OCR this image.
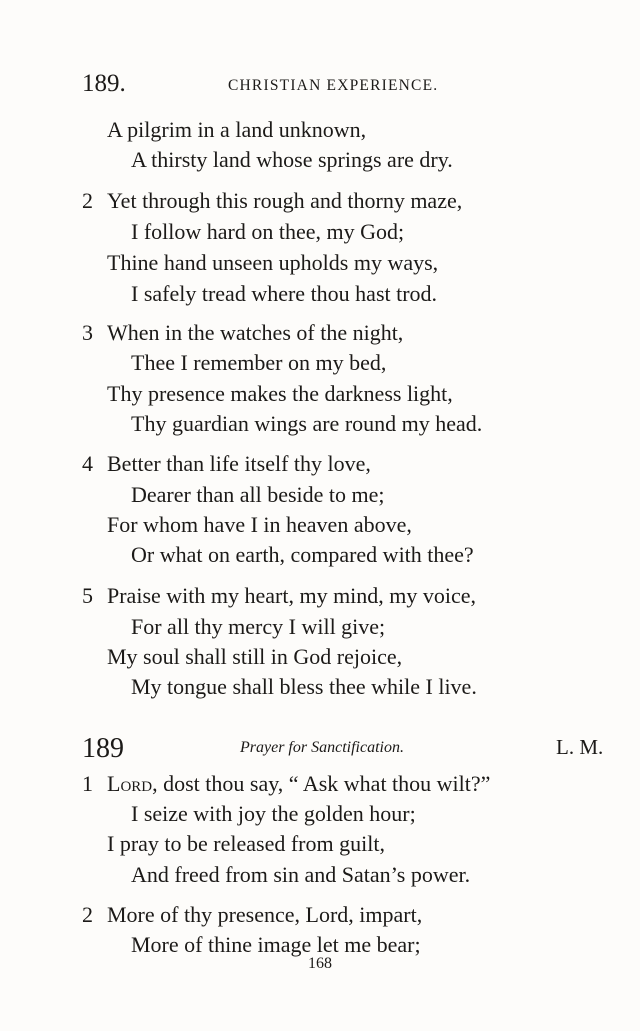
189.	CHRISTIAN EXPERIENCE.
A pilgrim in a land unknown,
A thirsty land whose springs are dry.
2 Yet through this rough and thorny maze,
I follow hard on thee, my God;
Thine hand unseen upholds my ways,
I safely tread where thou hast trod.
3 When in the watches of the night,
Thee I remember on my bed,
Thy presence makes the darkness light,
Thy guardian wings are round my head.
4 Better than life itself thy love,
Dearer than all beside to me;
For whom have I in heaven above,
Or what on earth, compared with thee?
5 Praise with my heart, my mind, my voice,
For all thy mercy I will give;
My soul shall still in God rejoice,
My tongue shall bless thee while I live.
189	Prayer for Sanctification.	L. M.
1 Lord, dost thou say, “ Ask what thou wilt?”
I seize with joy the golden hour;
I pray to be released from guilt,
And freed from sin and Satan’s power.
2 More of thy presence, Lord, impart,
More of thine image let me bear;
168
